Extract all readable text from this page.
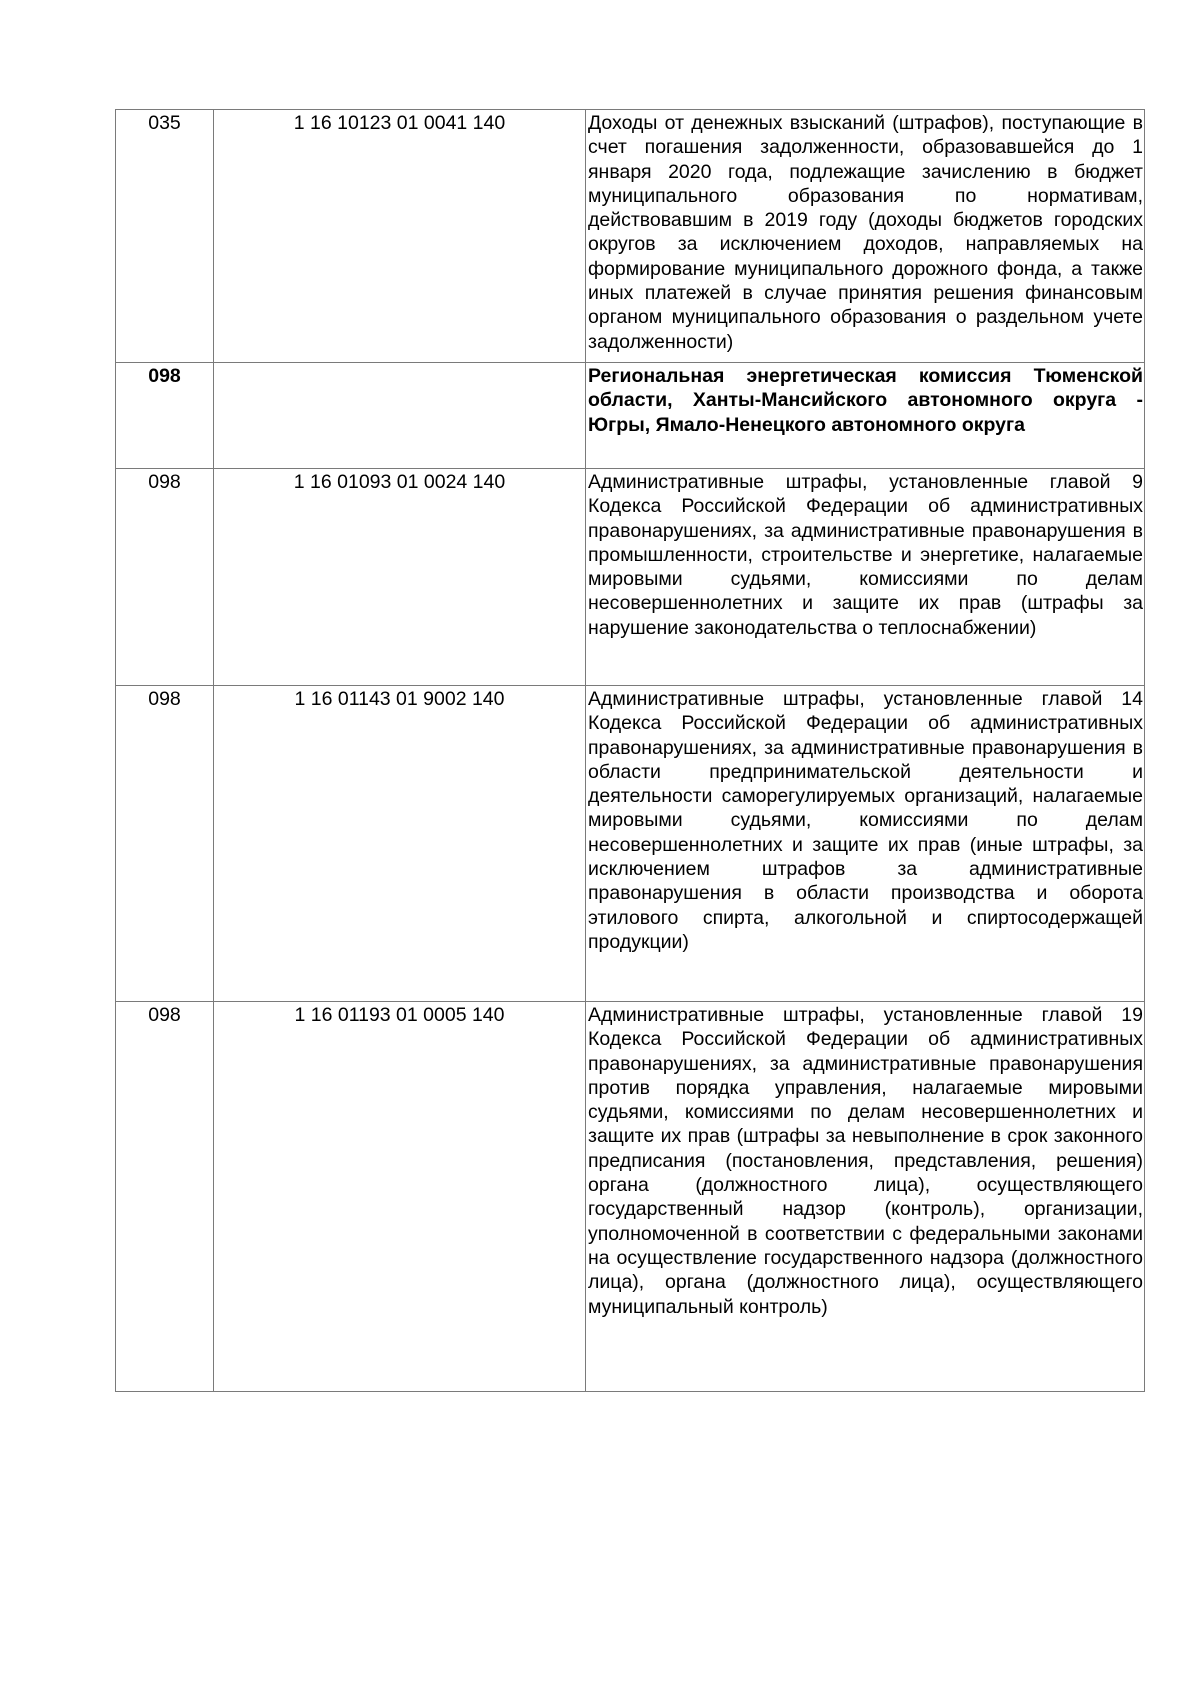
035	1 16 10123 01 0041 140	Доходы от денежных взысканий (штрафов), поступающие в счет погашения задолженности, образовавшейся до 1 января 2020 года, подлежащие зачислению в бюджет муниципального образования по нормативам, действовавшим в 2019 году (доходы бюджетов городских округов за исключением доходов, направляемых на формирование муниципального дорожного фонда, а также иных платежей в случае принятия решения финансовым органом муниципального образования о раздельном учете задолженности)
098		Региональная энергетическая комиссия Тюменской области, Ханты-Мансийского автономного округа - Югры, Ямало-Ненецкого автономного округа
098	1 16 01093 01 0024 140	Административные штрафы, установленные главой 9 Кодекса Российской Федерации об административных правонарушениях, за административные правонарушения в промышленности, строительстве и энергетике, налагаемые мировыми судьями, комиссиями по делам несовершеннолетних и защите их прав (штрафы за нарушение законодательства о теплоснабжении)
098	1 16 01143 01 9002 140	Административные штрафы, установленные главой 14 Кодекса Российской Федерации об административных правонарушениях, за административные правонарушения в области предпринимательской деятельности и деятельности саморегулируемых организаций, налагаемые мировыми судьями, комиссиями по делам несовершеннолетних и защите их прав (иные штрафы, за исключением штрафов за административные правонарушения в области производства и оборота этилового спирта, алкогольной и спиртосодержащей продукции)
098	1 16 01193 01 0005 140	Административные штрафы, установленные главой 19 Кодекса Российской Федерации об административных правонарушениях, за административные правонарушения против порядка управления, налагаемые мировыми судьями, комиссиями по делам несовершеннолетних и защите их прав (штрафы за невыполнение в срок законного предписания (постановления, представления, решения) органа (должностного лица), осуществляющего государственный надзор (контроль), организации, уполномоченной в соответствии с федеральными законами на осуществление государственного надзора (должностного лица), органа (должностного лица), осуществляющего муниципальный контроль)
